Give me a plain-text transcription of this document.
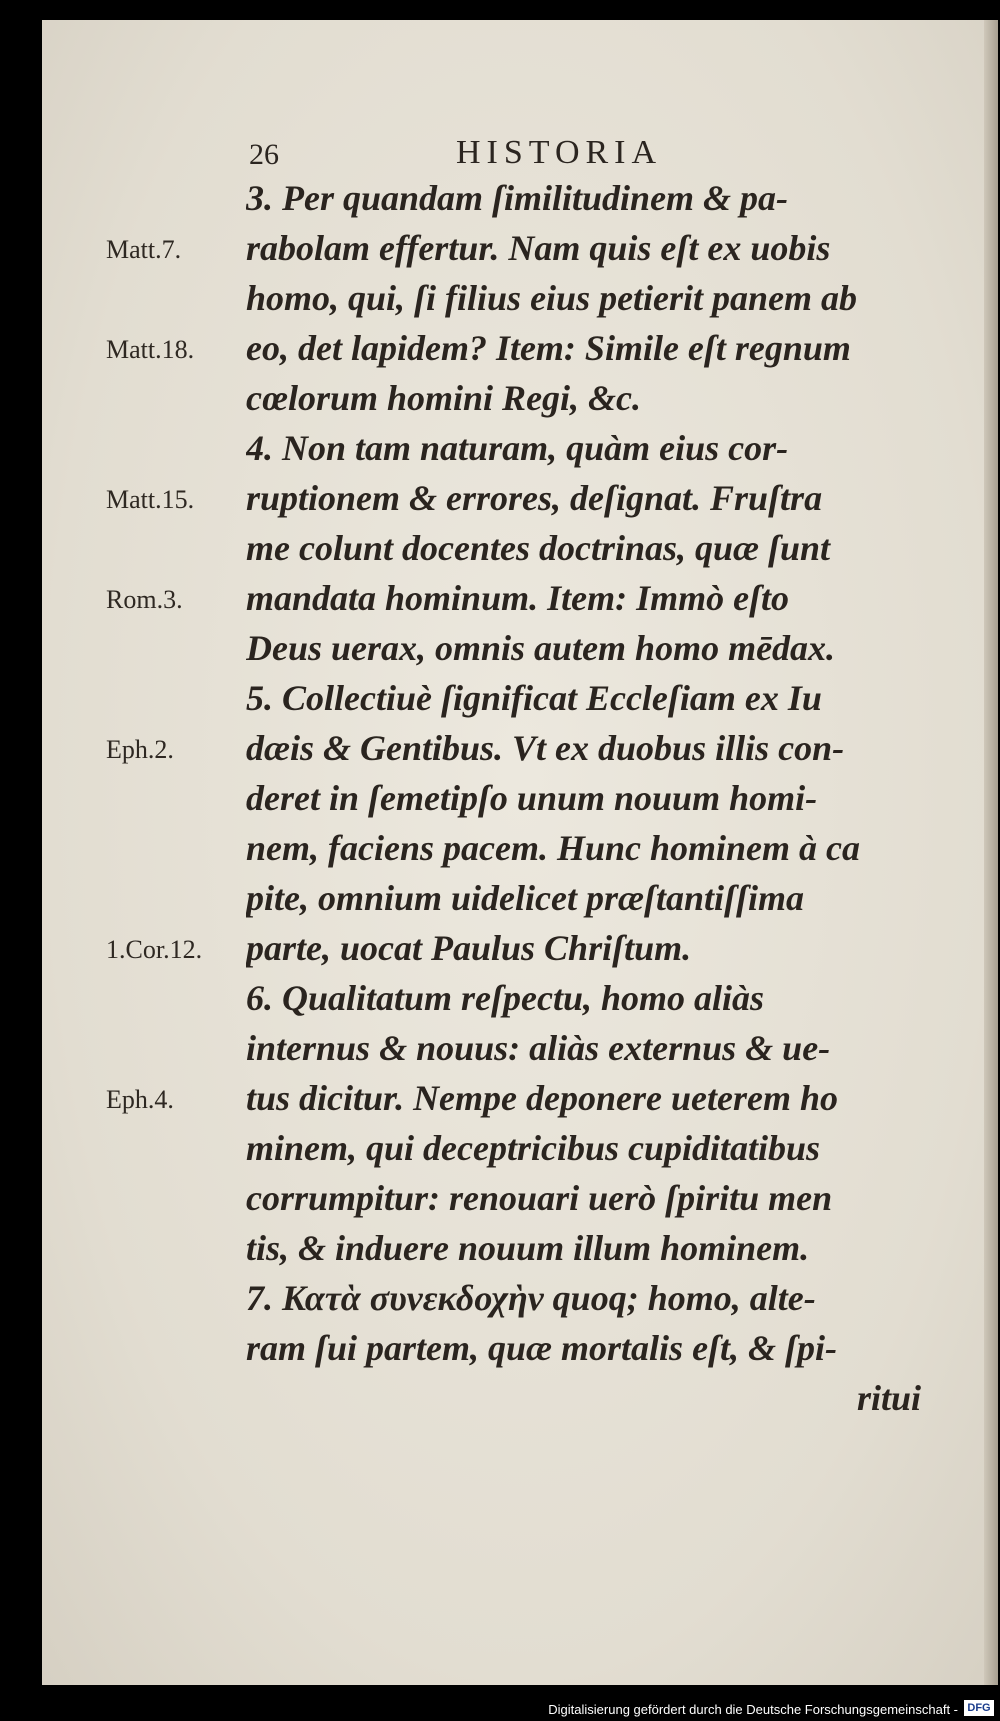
26	HISTORIA
3. Per quandam ſimilitudinem & pa-
rabolam effertur. Nam quis eſt ex uobis
homo, qui, ſi filius eius petierit panem ab
eo, det lapidem? Item: Simile eſt regnum
cœlorum homini Regi, &c.
4. Non tam naturam, quàm eius cor-
ruptionem & errores, deſignat. Fruſtra
me colunt docentes doctrinas, quæ ſunt
mandata hominum. Item: Immò eſto
Deus uerax, omnis autem homo mēdax.
5. Collectiuè ſignificat Eccleſiam ex Iu
dæis & Gentibus. Vt ex duobus illis con-
deret in ſemetipſo unum nouum homi-
nem, faciens pacem. Hunc hominem à ca
pite, omnium uidelicet præſtantiſſima
parte, uocat Paulus Chriſtum.
6. Qualitatum reſpectu, homo aliàs
internus & nouus: aliàs externus & ue-
tus dicitur. Nempe deponere ueterem ho
minem, qui deceptricibus cupiditatibus
corrumpitur: renouari uerò ſpiritu men
tis, & induere nouum illum hominem.
7. Κατὰ συνεκδοχὴν quoq; homo, alte-
ram ſui partem, quæ mortalis eſt, & ſpi-
ritui
Matt.7.
Matt.18.
Matt.15.
Rom.3.
Eph.2.
1.Cor.12.
Eph.4.
Digitalisierung gefördert durch die Deutsche Forschungsgemeinschaft - DFG
